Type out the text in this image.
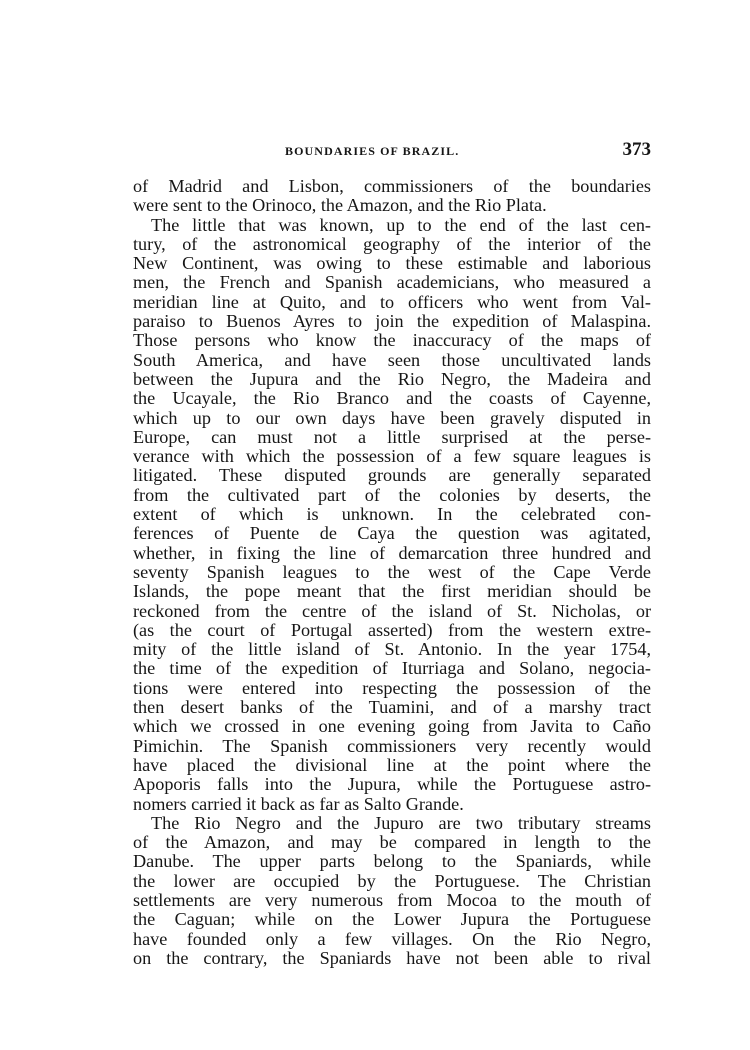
BOUNDARIES OF BRAZIL.	373
of Madrid and Lisbon, commissioners of the boundaries
were sent to the Orinoco, the Amazon, and the Rio Plata.
The little that was known, up to the end of the last cen-
tury, of the astronomical geography of the interior of the
New Continent, was owing to these estimable and laborious
men, the French and Spanish academicians, who measured a
meridian line at Quito, and to officers who went from Val-
paraiso to Buenos Ayres to join the expedition of Malaspina.
Those persons who know the inaccuracy of the maps of
South America, and have seen those uncultivated lands
between the Jupura and the Rio Negro, the Madeira and
the Ucayale, the Rio Branco and the coasts of Cayenne,
which up to our own days have been gravely disputed in
Europe, can must not a little surprised at the perse-
verance with which the possession of a few square leagues is
litigated. These disputed grounds are generally separated
from the cultivated part of the colonies by deserts, the
extent of which is unknown. In the celebrated con-
ferences of Puente de Caya the question was agitated,
whether, in fixing the line of demarcation three hundred and
seventy Spanish leagues to the west of the Cape Verde
Islands, the pope meant that the first meridian should be
reckoned from the centre of the island of St. Nicholas, or
(as the court of Portugal asserted) from the western extre-
mity of the little island of St. Antonio. In the year 1754,
the time of the expedition of Iturriaga and Solano, negocia-
tions were entered into respecting the possession of the
then desert banks of the Tuamini, and of a marshy tract
which we crossed in one evening going from Javita to Caño
Pimichin. The Spanish commissioners very recently would
have placed the divisional line at the point where the
Apoporis falls into the Jupura, while the Portuguese astro-
nomers carried it back as far as Salto Grande.
The Rio Negro and the Jupuro are two tributary streams
of the Amazon, and may be compared in length to the
Danube. The upper parts belong to the Spaniards, while
the lower are occupied by the Portuguese. The Christian
settlements are very numerous from Mocoa to the mouth of
the Caguan; while on the Lower Jupura the Portuguese
have founded only a few villages. On the Rio Negro,
on the contrary, the Spaniards have not been able to rival
